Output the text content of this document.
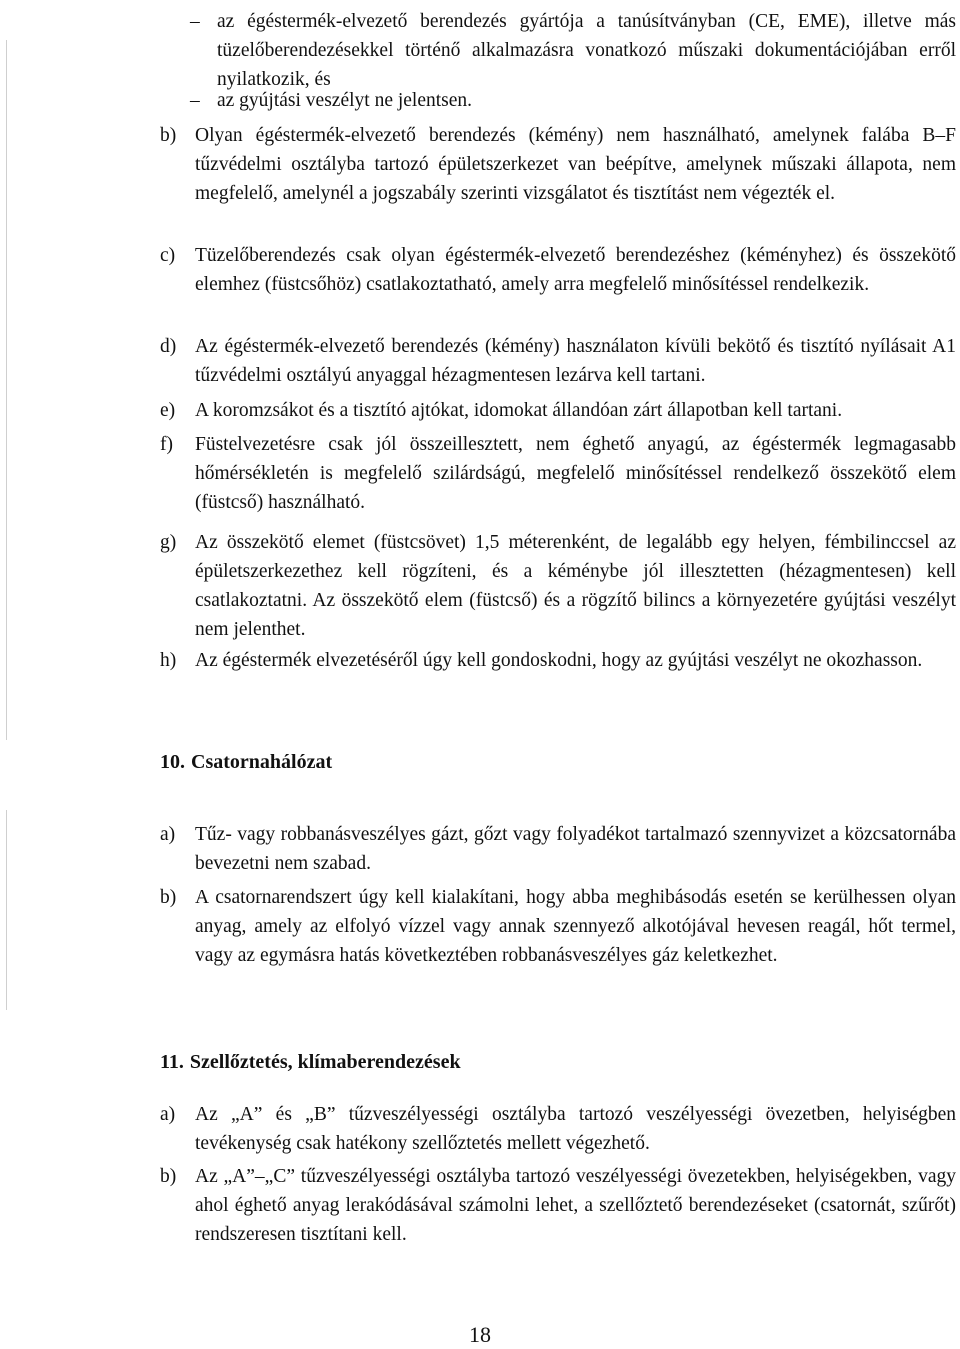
– az égéstermék-elvezető berendezés gyártója a tanúsítványban (CE, EME), illetve más tüzelőberendezésekkel történő alkalmazásra vonatkozó műszaki dokumentációjában erről nyilatkozik, és
– az gyújtási veszélyt ne jelentsen.
b) Olyan égéstermék-elvezető berendezés (kémény) nem használható, amelynek falába B–F tűzvédelmi osztályba tartozó épületszerkezet van beépítve, amelynek műszaki állapota, nem megfelelő, amelynél a jogszabály szerinti vizsgálatot és tisztítást nem végezték el.
c) Tüzelőberendezés csak olyan égéstermék-elvezető berendezéshez (kéményhez) és összekötő elemhez (füstcsőhöz) csatlakoztatható, amely arra megfelelő minősítéssel rendelkezik.
d) Az égéstermék-elvezető berendezés (kémény) használaton kívüli bekötő és tisztító nyílásait A1 tűzvédelmi osztályú anyaggal hézagmentesen lezárva kell tartani.
e) A koromzsákot és a tisztító ajtókat, idomokat állandóan zárt állapotban kell tartani.
f) Füstelvezetésre csak jól összeillesztett, nem éghető anyagú, az égéstermék legmagasabb hőmérsékletén is megfelelő szilárdságú, megfelelő minősítéssel rendelkező összekötő elem (füstcső) használható.
g) Az összekötő elemet (füstcsövet) 1,5 méterenként, de legalább egy helyen, fémbilinccsel az épületszerkezethez kell rögzíteni, és a kéménybe jól illesztetten (hézagmentesen) kell csatlakoztatni. Az összekötő elem (füstcső) és a rögzítő bilincs a környezetére gyújtási veszélyt nem jelenthet.
h) Az égéstermék elvezetéséről úgy kell gondoskodni, hogy az gyújtási veszélyt ne okozhasson.
10. Csatornahálózat
a) Tűz- vagy robbanásveszélyes gázt, gőzt vagy folyadékot tartalmazó szennyvizet a közcsatornába bevezetni nem szabad.
b) A csatornarendszert úgy kell kialakítani, hogy abba meghibásodás esetén se kerülhessen olyan anyag, amely az elfolyó vízzel vagy annak szennyező alkotójával hevesen reagál, hőt termel, vagy az egymásra hatás következtében robbanásveszélyes gáz keletkezhet.
11. Szellőztetés, klímaberendezések
a) Az „A” és „B” tűzveszélyességi osztályba tartozó veszélyességi övezetben, helyiségben tevékenység csak hatékony szellőztetés mellett végezhető.
b) Az „A”–„C” tűzveszélyességi osztályba tartozó veszélyességi övezetekben, helyiségekben, vagy ahol éghető anyag lerakódásával számolni lehet, a szellőztető berendezéseket (csatornát, szűrőt) rendszeresen tisztítani kell.
18
